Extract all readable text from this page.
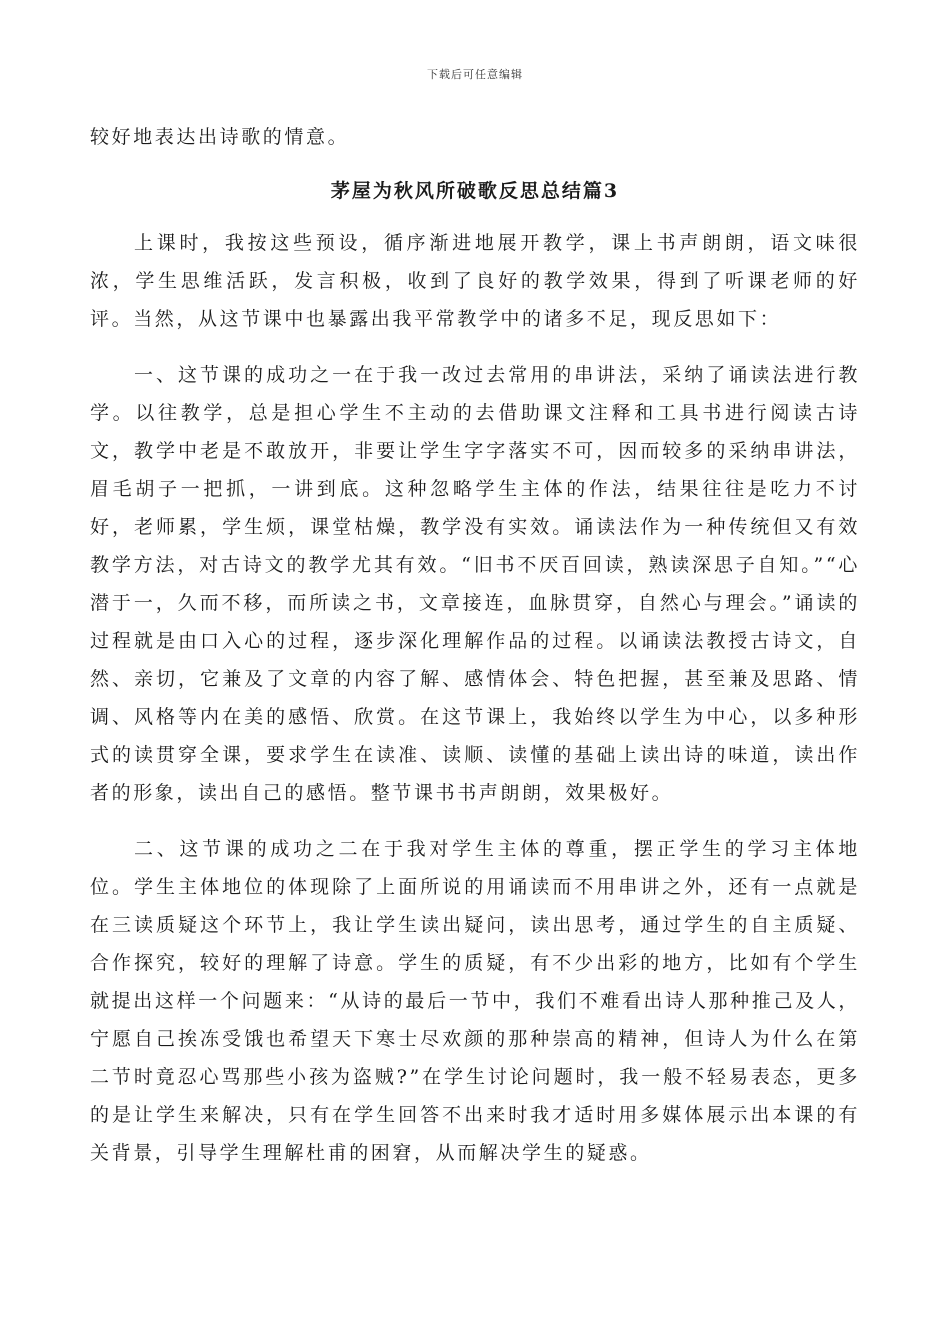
下载后可任意编辑

较好地表达出诗歌的情意。

茅屋为秋风所破歌反思总结篇3

上课时，我按这些预设，循序渐进地展开教学，课上书声朗朗，语文味很浓，学生思维活跃，发言积极，收到了良好的教学效果，得到了听课老师的好评。当然，从这节课中也暴露出我平常教学中的诸多不足，现反思如下：

一、这节课的成功之一在于我一改过去常用的串讲法，采纳了诵读法进行教学。以往教学，总是担心学生不主动的去借助课文注释和工具书进行阅读古诗文，教学中老是不敢放开，非要让学生字字落实不可，因而较多的采纳串讲法，眉毛胡子一把抓，一讲到底。这种忽略学生主体的作法，结果往往是吃力不讨好，老师累，学生烦，课堂枯燥，教学没有实效。诵读法作为一种传统但又有效教学方法，对古诗文的教学尤其有效。“旧书不厌百回读，熟读深思子自知。”“心潜于一，久而不移，而所读之书，文章接连，血脉贯穿，自然心与理会。”诵读的过程就是由口入心的过程，逐步深化理解作品的过程。以诵读法教授古诗文，自然、亲切，它兼及了文章的内容了解、感情体会、特色把握，甚至兼及思路、情调、风格等内在美的感悟、欣赏。在这节课上，我始终以学生为中心，以多种形式的读贯穿全课，要求学生在读准、读顺、读懂的基础上读出诗的味道，读出作者的形象，读出自己的感悟。整节课书书声朗朗，效果极好。

二、这节课的成功之二在于我对学生主体的尊重，摆正学生的学习主体地位。学生主体地位的体现除了上面所说的用诵读而不用串讲之外，还有一点就是在三读质疑这个环节上，我让学生读出疑问，读出思考，通过学生的自主质疑、合作探究，较好的理解了诗意。学生的质疑，有不少出彩的地方，比如有个学生就提出这样一个问题来：“从诗的最后一节中，我们不难看出诗人那种推己及人，宁愿自己挨冻受饿也希望天下寒士尽欢颜的那种崇高的精神，但诗人为什么在第二节时竟忍心骂那些小孩为盗贼?”在学生讨论问题时，我一般不轻易表态，更多的是让学生来解决，只有在学生回答不出来时我才适时用多媒体展示出本课的有关背景，引导学生理解杜甫的困窘，从而解决学生的疑惑。
